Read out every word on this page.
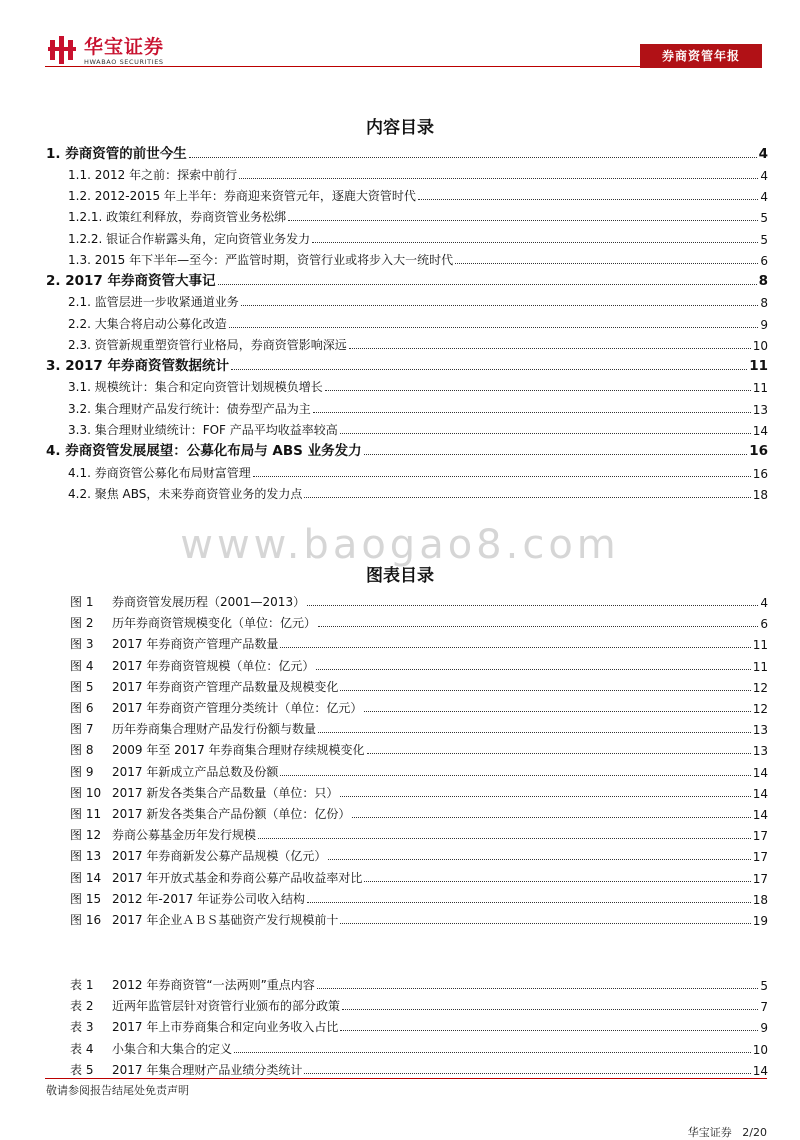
华宝证券
HWABAO SECURITIES	券商资管年报
内容目录
1. 券商资管的前世今生	4
1.1. 2012 年之前：探索中前行	4
1.2. 2012-2015 年上半年：券商迎来资管元年，逐鹿大资管时代	4
1.2.1. 政策红利释放，券商资管业务松绑	5
1.2.2. 银证合作崭露头角，定向资管业务发力	5
1.3. 2015 年下半年—至今：严监管时期，资管行业或将步入大一统时代	6
2. 2017 年券商资管大事记	8
2.1. 监管层进一步收紧通道业务	8
2.2. 大集合将启动公募化改造	9
2.3. 资管新规重塑资管行业格局，券商资管影响深远	10
3. 2017 年券商资管数据统计	11
3.1. 规模统计：集合和定向资管计划规模负增长	11
3.2. 集合理财产品发行统计：债券型产品为主	13
3.3. 集合理财业绩统计：FOF 产品平均收益率较高	14
4. 券商资管发展展望：公募化布局与 ABS 业务发力	16
4.1. 券商资管公募化布局财富管理	16
4.2. 聚焦 ABS，未来券商资管业务的发力点	18
www.baogao8.com
图表目录
图 1	券商资管发展历程（2001—2013）	4
图 2	历年券商资管规模变化（单位：亿元）	6
图 3	2017 年券商资产管理产品数量	11
图 4	2017 年券商资管规模（单位：亿元）	11
图 5	2017 年券商资产管理产品数量及规模变化	12
图 6	2017 年券商资产管理分类统计（单位：亿元）	12
图 7	历年券商集合理财产品发行份额与数量	13
图 8	2009 年至 2017 年券商集合理财存续规模变化	13
图 9	2017 年新成立产品总数及份额	14
图 10 2017 新发各类集合产品数量（单位：只）	14
图 11 2017 新发各类集合产品份额（单位：亿份）	14
图 12 券商公募基金历年发行规模	17
图 13 2017 年券商新发公募产品规模（亿元）	17
图 14 2017 年开放式基金和券商公募产品收益率对比	17
图 15 2012 年-2017 年证券公司收入结构	18
图 16 2017 年企业ＡＢＳ基础资产发行规模前十	19
表 1	2012 年券商资管“一法两则”重点内容	5
表 2	近两年监管层针对资管行业颁布的部分政策	7
表 3	2017 年上市券商集合和定向业务收入占比	9
表 4	小集合和大集合的定义	10
表 5	2017 年集合理财产品业绩分类统计	14
敬请参阅报告结尾处免责声明
华宝证券 2/20
